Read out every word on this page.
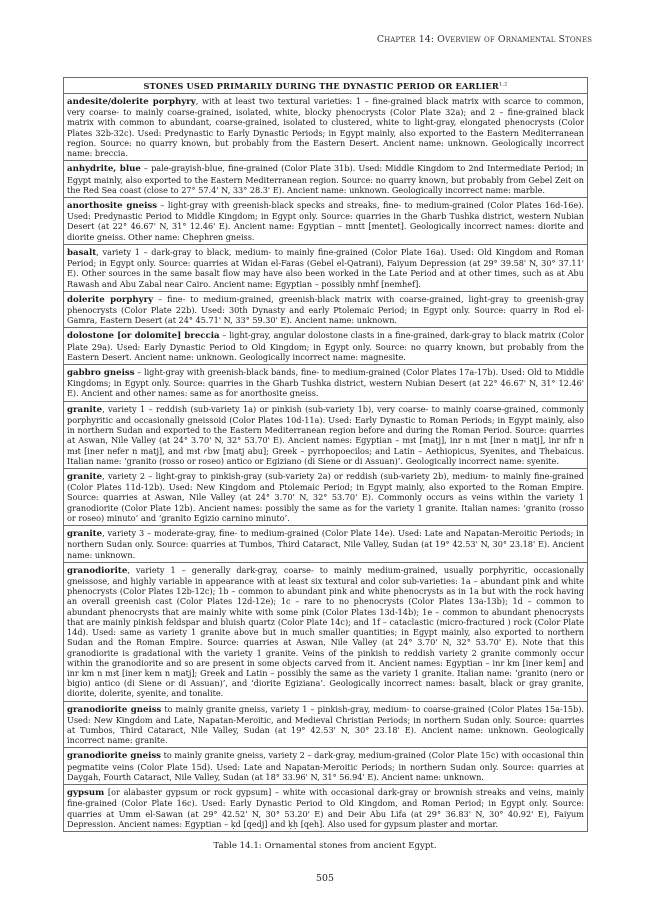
Chapter 14: Overview of Ornamental Stones
STONES USED PRIMARILY DURING THE DYNASTIC PERIOD OR EARLIER$^{1,2}$
andesite/dolerite porphyry, with at least two textural varieties: 1 – fine-grained black matrix with scarce to common, very coarse- to mainly coarse-grained, isolated, white, blocky phenocrysts (Color Plate 32a); and 2 – fine-grained black matrix with common to abundant, coarse-grained, isolated to clustered, white to light-gray, elongated phenocrysts (Color Plates 32b-32c). Used: Predynastic to Early Dynastic Periods; in Egypt mainly, also exported to the Eastern Mediterranean region. Source: no quarry known, but probably from the Eastern Desert. Ancient name: unknown. Geologically incorrect name: breccia.
anhydrite, blue – pale-grayish-blue, fine-grained (Color Plate 31b). Used: Middle Kingdom to 2nd Intermediate Period; in Egypt mainly, also exported to the Eastern Mediterranean region. Source: no quarry known, but probably from Gebel Zeit on the Red Sea coast (close to 27° 57.4' N, 33° 28.3' E). Ancient name: unknown. Geologically incorrect name: marble.
anorthosite gneiss – light-gray with greenish-black specks and streaks, fine- to medium-grained (Color Plates 16d-16e). Used: Predynastic Period to Middle Kingdom; in Egypt only. Source: quarries in the Gharb Tushka district, western Nubian Desert (at 22° 46.67' N, 31° 12.46' E). Ancient name: Egyptian – mntt [mentet]. Geologically incorrect names: diorite and diorite gneiss. Other name: Chephren gneiss.
basalt, variety 1 – dark-gray to black, medium- to mainly fine-grained (Color Plate 16a). Used: Old Kingdom and Roman Period; in Egypt only. Source: quarries at Widan el-Faras (Gebel el-Qatrani), Faiyum Depression (at 29° 39.58' N, 30° 37.11' E). Other sources in the same basalt flow may have also been worked in the Late Period and at other times, such as at Abu Rawash and Abu Zabal near Cairo. Ancient name: Egyptian – possibly nmhf [nemhef].
dolerite porphyry – fine- to medium-grained, greenish-black matrix with coarse-grained, light-gray to greenish-gray phenocrysts (Color Plate 22b). Used: 30th Dynasty and early Ptolemaic Period; in Egypt only. Source: quarry in Rod el-Gamra, Eastern Desert (at 24° 45.71' N, 33° 59.30' E). Ancient name: unknown.
dolostone [or dolomite] breccia – light-gray, angular dolostone clasts in a fine-grained, dark-gray to black matrix (Color Plate 29a). Used: Early Dynastic Period to Old Kingdom; in Egypt only. Source: no quarry known, but probably from the Eastern Desert. Ancient name: unknown. Geologically incorrect name: magnesite.
gabbro gneiss – light-gray with greenish-black bands, fine- to medium-grained (Color Plates 17a-17b). Used: Old to Middle Kingdoms; in Egypt only. Source: quarries in the Gharb Tushka district, western Nubian Desert (at 22° 46.67' N, 31° 12.46' E). Ancient and other names: same as for anorthosite gneiss.
granite, variety 1 – reddish (sub-variety 1a) or pinkish (sub-variety 1b), very coarse- to mainly coarse-grained, commonly porphyritic and occasionally gneissoid (Color Plates 10d-11a). Used: Early Dynastic to Roman Periods; in Egypt mainly, also in northern Sudan and exported to the Eastern Mediterranean region before and during the Roman Period. Source: quarries at Aswan, Nile Valley (at 24° 3.70' N, 32° 53.70' E). Ancient names: Egyptian – mꜣt [matj], inr n mꜣt [iner n matj], inr nfr n mꜣt [iner nefer n matj], and mꜣt ꜥbw [matj abu]; Greek – pyrrhopoecilos; and Latin – Aethiopicus, Syenites, and Thebaicus. Italian name: ‘granito (rosso or roseo) antico or Egiziano (di Siene or di Assuan)’. Geologically incorrect name: syenite.
granite, variety 2 – light-gray to pinkish-gray (sub-variety 2a) or reddish (sub-variety 2b), medium- to mainly fine-grained (Color Plates 11d-12b). Used: New Kingdom and Ptolemaic Period; in Egypt mainly, also exported to the Roman Empire. Source: quarries at Aswan, Nile Valley (at 24° 3.70' N, 32° 53.70' E). Commonly occurs as veins within the variety 1 granodiorite (Color Plate 12b). Ancient names: possibly the same as for the variety 1 granite. Italian names: ‘granito (rosso or roseo) minuto’ and ‘granito Egizio carnino minuto’.
granite, variety 3 – moderate-gray, fine- to medium-grained (Color Plate 14e). Used: Late and Napatan-Meroitic Periods; in northern Sudan only. Source: quarries at Tumbos, Third Cataract, Nile Valley, Sudan (at 19° 42.53' N, 30° 23.18' E). Ancient name: unknown.
granodiorite, variety 1 – generally dark-gray, coarse- to mainly medium-grained, usually porphyritic, occasionally gneissose, and highly variable in appearance with at least six textural and color sub-varieties: 1a – abundant pink and white phenocrysts (Color Plates 12b-12c); 1b – common to abundant pink and white phenocrysts as in 1a but with the rock having an overall greenish cast (Color Plates 12d-12e); 1c – rare to no phenocrysts (Color Plates 13a-13b); 1d – common to abundant phenocrysts that are mainly white with some pink (Color Plates 13d-14b); 1e – common to abundant phenocrysts that are mainly pinkish feldspar and bluish quartz (Color Plate 14c); and 1f – cataclastic (micro-fractured ) rock (Color Plate 14d). Used: same as variety 1 granite above but in much smaller quantities; in Egypt mainly, also exported to northern Sudan and the Roman Empire. Source: quarries at Aswan, Nile Valley (at 24° 3.70' N, 32° 53.70' E). Note that this granodiorite is gradational with the variety 1 granite. Veins of the pinkish to reddish variety 2 granite commonly occur within the granodiorite and so are present in some objects carved from it. Ancient names: Egyptian – inr km [iner kem] and inr km n mꜣt [iner kem n matj]; Greek and Latin – possibly the same as the variety 1 granite. Italian name: ‘granito (nero or bigio) antico (di Siene or di Assuan)’, and ‘diorite Egiziana’. Geologically incorrect names: basalt, black or gray granite, diorite, dolerite, syenite, and tonalite.
granodiorite gneiss to mainly granite gneiss, variety 1 – pinkish-gray, medium- to coarse-grained (Color Plates 15a-15b). Used: New Kingdom and Late, Napatan-Meroitic, and Medieval Christian Periods; in northern Sudan only. Source: quarries at Tumbos, Third Cataract, Nile Valley, Sudan (at 19° 42.53' N, 30° 23.18' E). Ancient name: unknown. Geologically incorrect name: granite.
granodiorite gneiss to mainly granite gneiss, variety 2 – dark-gray, medium-grained (Color Plate 15c) with occasional thin pegmatite veins (Color Plate 15d). Used: Late and Napatan-Meroitic Periods; in northern Sudan only. Source: quarries at Daygah, Fourth Cataract, Nile Valley, Sudan (at 18° 33.96' N, 31° 56.94' E). Ancient name: unknown.
gypsum [or alabaster gypsum or rock gypsum] – white with occasional dark-gray or brownish streaks and veins, mainly fine-grained (Color Plate 16c). Used: Early Dynastic Period to Old Kingdom, and Roman Period; in Egypt only. Source: quarries at Umm el-Sawan (at 29° 42.52' N, 30° 53.20' E) and Deir Abu Lifa (at 29° 36.83' N, 30° 40.92' E), Faiyum Depression. Ancient names: Egyptian – ḳd [qedj] and ḳḥ [qeh]. Also used for gypsum plaster and mortar.
Table 14.1: Ornamental stones from ancient Egypt.
505
